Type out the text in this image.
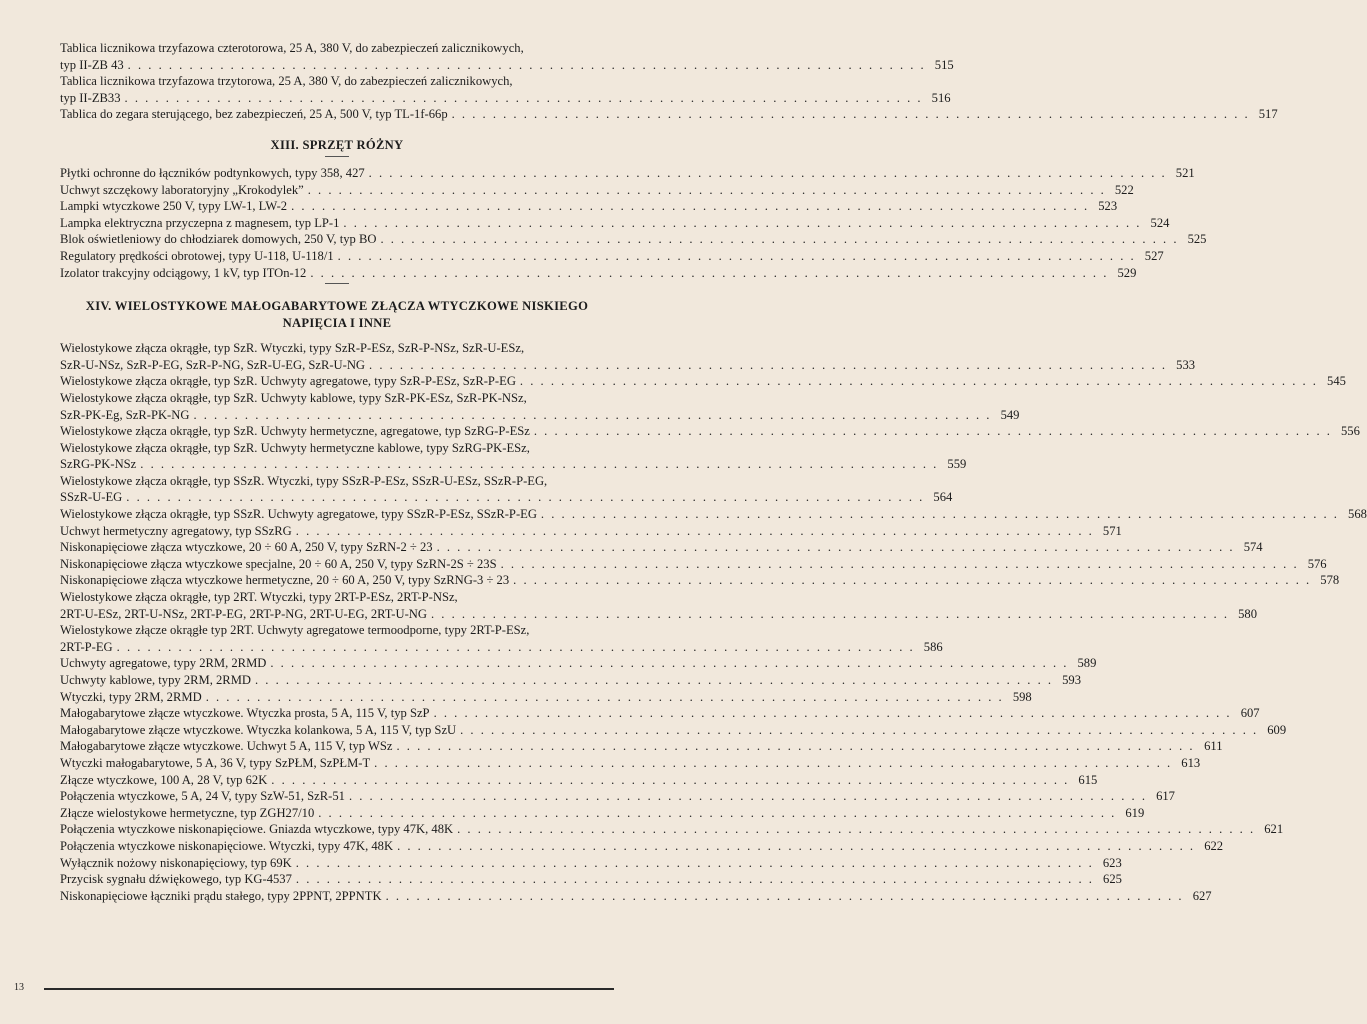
Tablica licznikowa trzyfazowa czterotorowa, 25 A, 380 V, do zabezpieczeń zalicznikowych,
typ II-ZB 43 . . . . . . . . . . . . . . . . . . . . . . . . . . . . . . . . . . . . . . . . . . . . . . . . . . . . . . . . . . . . . . . . . . . . . . . . . . . . . . 515
Tablica licznikowa trzyfazowa trzytorowa, 25 A, 380 V, do zabezpieczeń zalicznikowych,
typ II-ZB33 . . . . . . . . . . . . . . . . . . . . . . . . . . . . . . . . . . . . . . . . . . . . . . . . . . . . . . . . . . . . . . . . . . . . . . . . . . . . . . 516
Tablica do zegara sterującego, bez zabezpieczeń, 25 A, 500 V, typ TL-1f-66p . . . . . . . . . . . . . . . . . . . . . . . . . . . . . . . . . . . . . . . . . . . . . . . . . . . . . . . . . . . . . . . . . . . . . . . . . . . . . . 517
XIII. SPRZĘT RÓŻNY
Płytki ochronne do łączników podtynkowych, typy 358, 427 . . . . . . . . . . . . . . . . . . . . . . . . . . . . . . . . . . . . . . . . . . . . . . . . . . . . . . . . . . . . . . . . . . . . . . . . . . . . . . 521
Uchwyt szczękowy laboratoryjny „Krokodylek” . . . . . . . . . . . . . . . . . . . . . . . . . . . . . . . . . . . . . . . . . . . . . . . . . . . . . . . . . . . . . . . . . . . . . . . . . . . . . . 522
Lampki wtyczkowe 250 V, typy LW-1, LW-2 . . . . . . . . . . . . . . . . . . . . . . . . . . . . . . . . . . . . . . . . . . . . . . . . . . . . . . . . . . . . . . . . . . . . . . . . . . . . . . 523
Lampka elektryczna przyczepna z magnesem, typ LP-1 . . . . . . . . . . . . . . . . . . . . . . . . . . . . . . . . . . . . . . . . . . . . . . . . . . . . . . . . . . . . . . . . . . . . . . . . . . . . . . 524
Blok oświetleniowy do chłodziarek domowych, 250 V, typ BO . . . . . . . . . . . . . . . . . . . . . . . . . . . . . . . . . . . . . . . . . . . . . . . . . . . . . . . . . . . . . . . . . . . . . . . . . . . . . . 525
Regulatory prędkości obrotowej, typy U-118, U-118/1 . . . . . . . . . . . . . . . . . . . . . . . . . . . . . . . . . . . . . . . . . . . . . . . . . . . . . . . . . . . . . . . . . . . . . . . . . . . . . . 527
Izolator trakcyjny odciągowy, 1 kV, typ ITOn-12 . . . . . . . . . . . . . . . . . . . . . . . . . . . . . . . . . . . . . . . . . . . . . . . . . . . . . . . . . . . . . . . . . . . . . . . . . . . . . . 529
XIV. WIELOSTYKOWE MAŁOGABARYTOWE ZŁĄCZA WTYCZKOWE NISKIEGO
NAPIĘCIA I INNE
Wielostykowe złącza okrągłe, typ SzR. Wtyczki, typy SzR-P-ESz, SzR-P-NSz, SzR-U-ESz,
SzR-U-NSz, SzR-P-EG, SzR-P-NG, SzR-U-EG, SzR-U-NG . . . . . . . . . . . . . . . . . . . . . . . . . . . . . . . . . . . . . . . . . . . . . . . . . . . . . . . . . . . . . . . . . . . . . . . . . . . . . . 533
Wielostykowe złącza okrągłe, typ SzR. Uchwyty agregatowe, typy SzR-P-ESz, SzR-P-EG . . . . . . . . . . . . . . . . . . . . . . . . . . . . . . . . . . . . . . . . . . . . . . . . . . . . . . . . . . . . . . . . . . . . . . . . . . . . . . 545
Wielostykowe złącza okrągłe, typ SzR. Uchwyty kablowe, typy SzR-PK-ESz, SzR-PK-NSz,
SzR-PK-Eg, SzR-PK-NG . . . . . . . . . . . . . . . . . . . . . . . . . . . . . . . . . . . . . . . . . . . . . . . . . . . . . . . . . . . . . . . . . . . . . . . . . . . . . . 549
Wielostykowe złącza okrągłe, typ SzR. Uchwyty hermetyczne, agregatowe, typ SzRG-P-ESz . . . . . . . . . . . . . . . . . . . . . . . . . . . . . . . . . . . . . . . . . . . . . . . . . . . . . . . . . . . . . . . . . . . . . . . . . . . . . . 556
Wielostykowe złącza okrągłe, typ SzR. Uchwyty hermetyczne kablowe, typy SzRG-PK-ESz,
SzRG-PK-NSz . . . . . . . . . . . . . . . . . . . . . . . . . . . . . . . . . . . . . . . . . . . . . . . . . . . . . . . . . . . . . . . . . . . . . . . . . . . . . . 559
Wielostykowe złącza okrągłe, typ SSzR. Wtyczki, typy SSzR-P-ESz, SSzR-U-ESz, SSzR-P-EG,
SSzR-U-EG . . . . . . . . . . . . . . . . . . . . . . . . . . . . . . . . . . . . . . . . . . . . . . . . . . . . . . . . . . . . . . . . . . . . . . . . . . . . . . 564
Wielostykowe złącza okrągłe, typ SSzR. Uchwyty agregatowe, typy SSzR-P-ESz, SSzR-P-EG . . . . . . . . . . . . . . . . . . . . . . . . . . . . . . . . . . . . . . . . . . . . . . . . . . . . . . . . . . . . . . . . . . . . . . . . . . . . . . 568
Uchwyt hermetyczny agregatowy, typ SSzRG . . . . . . . . . . . . . . . . . . . . . . . . . . . . . . . . . . . . . . . . . . . . . . . . . . . . . . . . . . . . . . . . . . . . . . . . . . . . . . 571
Niskonapięciowe złącza wtyczkowe, 20 ÷ 60 A, 250 V, typy SzRN-2 ÷ 23 . . . . . . . . . . . . . . . . . . . . . . . . . . . . . . . . . . . . . . . . . . . . . . . . . . . . . . . . . . . . . . . . . . . . . . . . . . . . . . 574
Niskonapięciowe złącza wtyczkowe specjalne, 20 ÷ 60 A, 250 V, typy SzRN-2S ÷ 23S . . . . . . . . . . . . . . . . . . . . . . . . . . . . . . . . . . . . . . . . . . . . . . . . . . . . . . . . . . . . . . . . . . . . . . . . . . . . . . 576
Niskonapięciowe złącza wtyczkowe hermetyczne, 20 ÷ 60 A, 250 V, typy SzRNG-3 ÷ 23 . . . . . . . . . . . . . . . . . . . . . . . . . . . . . . . . . . . . . . . . . . . . . . . . . . . . . . . . . . . . . . . . . . . . . . . . . . . . . . 578
Wielostykowe złącza okrągłe, typ 2RT. Wtyczki, typy 2RT-P-ESz, 2RT-P-NSz,
2RT-U-ESz, 2RT-U-NSz, 2RT-P-EG, 2RT-P-NG, 2RT-U-EG, 2RT-U-NG . . . . . . . . . . . . . . . . . . . . . . . . . . . . . . . . . . . . . . . . . . . . . . . . . . . . . . . . . . . . . . . . . . . . . . . . . . . . . . 580
Wielostykowe złącze okrągłe typ 2RT. Uchwyty agregatowe termoodporne, typy 2RT-P-ESz,
2RT-P-EG . . . . . . . . . . . . . . . . . . . . . . . . . . . . . . . . . . . . . . . . . . . . . . . . . . . . . . . . . . . . . . . . . . . . . . . . . . . . . . 586
Uchwyty agregatowe, typy 2RM, 2RMD . . . . . . . . . . . . . . . . . . . . . . . . . . . . . . . . . . . . . . . . . . . . . . . . . . . . . . . . . . . . . . . . . . . . . . . . . . . . . . 589
Uchwyty kablowe, typy 2RM, 2RMD . . . . . . . . . . . . . . . . . . . . . . . . . . . . . . . . . . . . . . . . . . . . . . . . . . . . . . . . . . . . . . . . . . . . . . . . . . . . . . 593
Wtyczki, typy 2RM, 2RMD . . . . . . . . . . . . . . . . . . . . . . . . . . . . . . . . . . . . . . . . . . . . . . . . . . . . . . . . . . . . . . . . . . . . . . . . . . . . . . 598
Małogabarytowe złącze wtyczkowe. Wtyczka prosta, 5 A, 115 V, typ SzP . . . . . . . . . . . . . . . . . . . . . . . . . . . . . . . . . . . . . . . . . . . . . . . . . . . . . . . . . . . . . . . . . . . . . . . . . . . . . . 607
Małogabarytowe złącze wtyczkowe. Wtyczka kolankowa, 5 A, 115 V, typ SzU . . . . . . . . . . . . . . . . . . . . . . . . . . . . . . . . . . . . . . . . . . . . . . . . . . . . . . . . . . . . . . . . . . . . . . . . . . . . . . 609
Małogabarytowe złącze wtyczkowe. Uchwyt 5 A, 115 V, typ WSz . . . . . . . . . . . . . . . . . . . . . . . . . . . . . . . . . . . . . . . . . . . . . . . . . . . . . . . . . . . . . . . . . . . . . . . . . . . . . . 611
Wtyczki małogabarytowe, 5 A, 36 V, typy SzPŁM, SzPŁM-T . . . . . . . . . . . . . . . . . . . . . . . . . . . . . . . . . . . . . . . . . . . . . . . . . . . . . . . . . . . . . . . . . . . . . . . . . . . . . . 613
Złącze wtyczkowe, 100 A, 28 V, typ 62K . . . . . . . . . . . . . . . . . . . . . . . . . . . . . . . . . . . . . . . . . . . . . . . . . . . . . . . . . . . . . . . . . . . . . . . . . . . . . . 615
Połączenia wtyczkowe, 5 A, 24 V, typy SzW-51, SzR-51 . . . . . . . . . . . . . . . . . . . . . . . . . . . . . . . . . . . . . . . . . . . . . . . . . . . . . . . . . . . . . . . . . . . . . . . . . . . . . . 617
Złącze wielostykowe hermetyczne, typ ZGH27/10 . . . . . . . . . . . . . . . . . . . . . . . . . . . . . . . . . . . . . . . . . . . . . . . . . . . . . . . . . . . . . . . . . . . . . . . . . . . . . . 619
Połączenia wtyczkowe niskonapięciowe. Gniazda wtyczkowe, typy 47K, 48K . . . . . . . . . . . . . . . . . . . . . . . . . . . . . . . . . . . . . . . . . . . . . . . . . . . . . . . . . . . . . . . . . . . . . . . . . . . . . . 621
Połączenia wtyczkowe niskonapięciowe. Wtyczki, typy 47K, 48K . . . . . . . . . . . . . . . . . . . . . . . . . . . . . . . . . . . . . . . . . . . . . . . . . . . . . . . . . . . . . . . . . . . . . . . . . . . . . . 622
Wyłącznik nożowy niskonapięciowy, typ 69K . . . . . . . . . . . . . . . . . . . . . . . . . . . . . . . . . . . . . . . . . . . . . . . . . . . . . . . . . . . . . . . . . . . . . . . . . . . . . . 623
Przycisk sygnału dźwiękowego, typ KG-4537 . . . . . . . . . . . . . . . . . . . . . . . . . . . . . . . . . . . . . . . . . . . . . . . . . . . . . . . . . . . . . . . . . . . . . . . . . . . . . . 625
Niskonapięciowe łączniki prądu stałego, typy 2PPNT, 2PPNTK . . . . . . . . . . . . . . . . . . . . . . . . . . . . . . . . . . . . . . . . . . . . . . . . . . . . . . . . . . . . . . . . . . . . . . . . . . . . . . 627
13
